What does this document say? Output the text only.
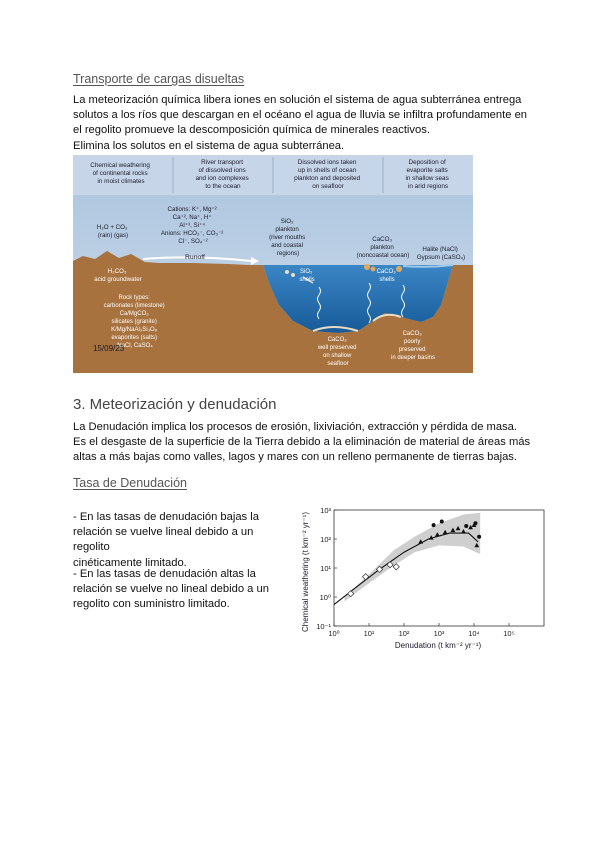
Transporte de cargas disueltas
La meteorización química libera iones en solución el sistema de agua subterránea entrega
solutos a los ríos que descargan en el océano el agua de lluvia se infiltra profundamente en
el regolito promueve la descomposición química de minerales reactivos.
Elimina los solutos en el sistema de agua subterránea.
Chemical weathering of continental rocks in moist climates
River transport of dissolved ions and ion complexes to the ocean
Dissolved ions taken up in shells of ocean plankton and deposited on seafloor
Deposition of evaporite salts in shallow seas in arid regions
H₂O + CO₂ (rain) (gas)
Cations: K⁺, Mg⁺² Ca⁺², Na⁺, H⁺ Al⁺³, Si⁺⁴ Anions: HCO₃⁻, CO₃⁻² Cl⁻, SO₄⁻²
Runoff
H₂CO₃ acid groundwater
SiO₂ plankton (river mouths and coastal regions)
CaCO₃ plankton (noncoastal ocean)
Halite (NaCl) Gypsum (CaSO₄)
SiO₂ shells
CaCO₃ shells
Rock types: carbonates (limestone) Ca/MgCO₃ silicates (granite) K/Mg/NaAl₃Si₃O₈ evaporites (salts) NaCl, CaSO₄
CaCO₃ well preserved on shallow seafloor
CaCO₃ poorly preserved in deeper basins
15/09/23
3. Meteorización y denudación
La Denudación implica los procesos de erosión, lixiviación, extracción y pérdida de masa.
Es el desgaste de la superficie de la Tierra debido a la eliminación de material de áreas más
altas a más bajas como valles, lagos y mares con un relleno permanente de tierras bajas.
Tasa de Denudación
- En las tasas de denudación bajas la
relación se vuelve lineal debido a un regolito
cinéticamente limitado.
- En las tasas de denudación altas la
relación se vuelve no lineal debido a un
regolito con suministro limitado.
10⁰	10¹	10²	10³	10⁴	10⁵
10⁻¹
10⁰
10¹
10²
10³
Denudation (t km⁻² yr⁻¹)
Chemical weathering (t km⁻² yr⁻¹)
